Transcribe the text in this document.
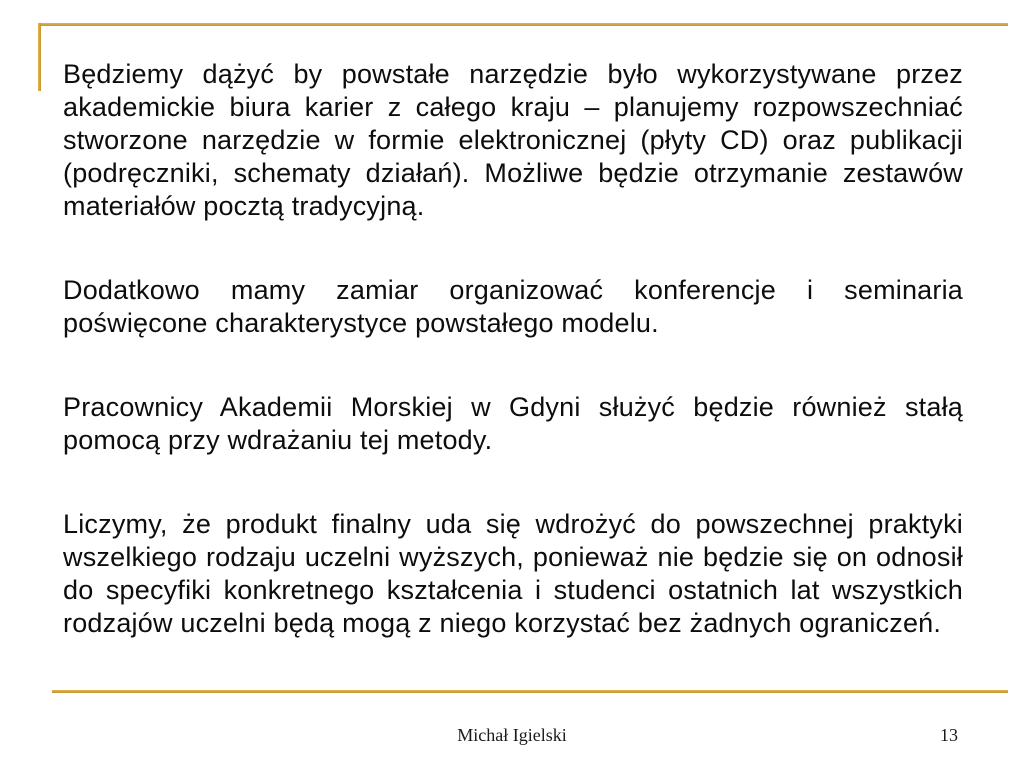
Będziemy dążyć by powstałe narzędzie było wykorzystywane przez akademickie biura karier z całego kraju – planujemy rozpowszechniać stworzone narzędzie w formie elektronicznej (płyty CD) oraz publikacji (podręczniki, schematy działań). Możliwe będzie otrzymanie zestawów materiałów pocztą tradycyjną.

Dodatkowo mamy zamiar organizować konferencje i seminaria poświęcone charakterystyce powstałego modelu.

Pracownicy Akademii Morskiej w Gdyni służyć będzie również stałą pomocą przy wdrażaniu tej metody.

Liczymy, że produkt finalny uda się wdrożyć do powszechnej praktyki wszelkiego rodzaju uczelni wyższych, ponieważ nie będzie się on odnosił do specyfiki konkretnego kształcenia i studenci ostatnich lat wszystkich rodzajów uczelni będą mogą z niego korzystać bez żadnych ograniczeń.

Michał Igielski	13
